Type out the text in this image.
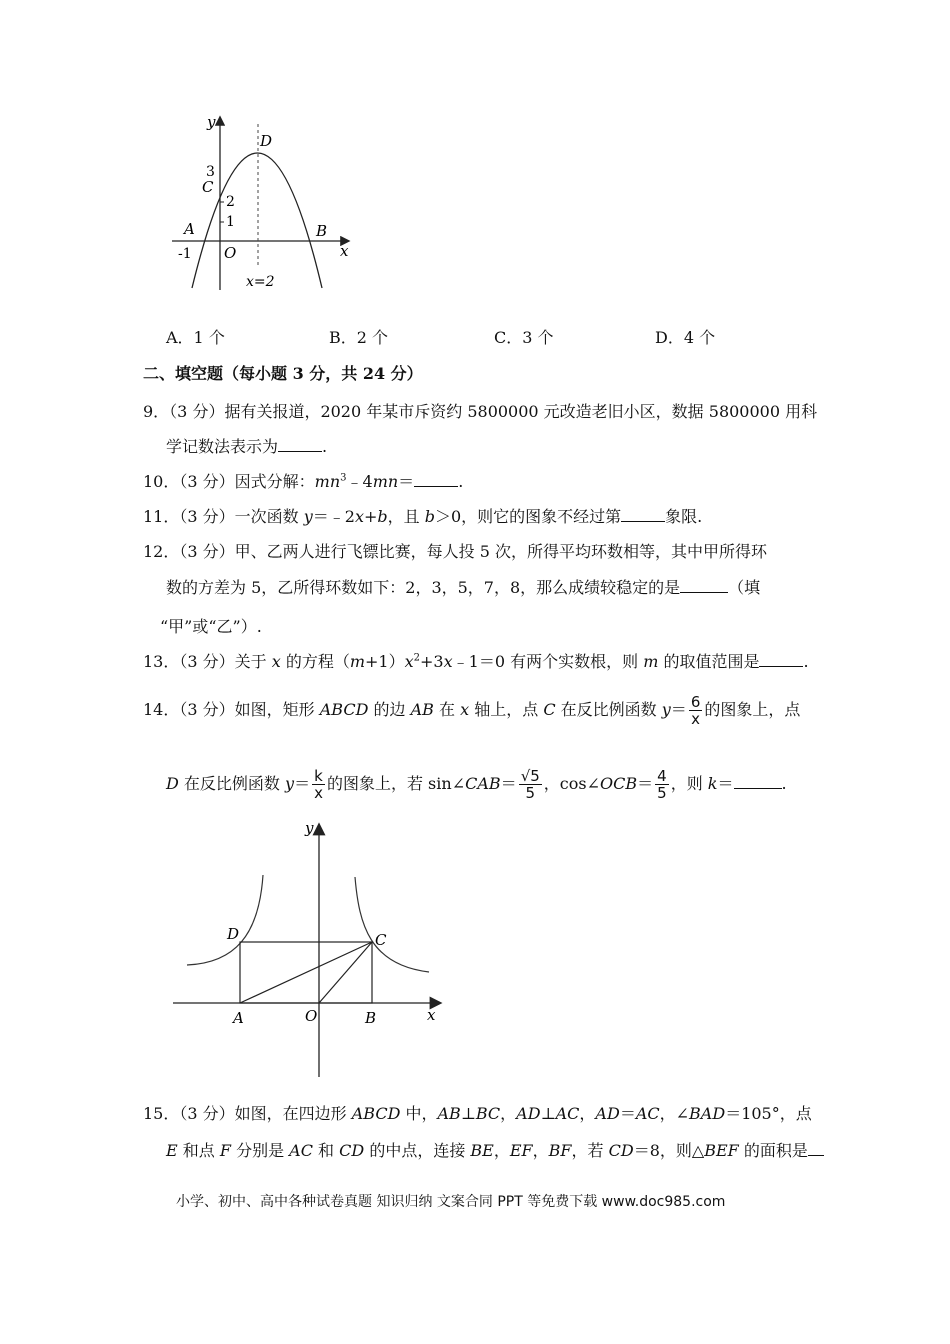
y
D
3
C
2
1
A
-1 O
B
x
x=2
A．1 个	B．2 个	C．3 个	D．4 个
二、填空题（每小题 3 分，共 24 分）
9．（3 分）据有关报道，2020 年某市斥资约 5800000 元改造老旧小区，数据 5800000 用科
学记数法表示为	.
10．（3 分）因式分解：$mn^3﹣4mn=$	.
11．（3 分）一次函数 y＝﹣2x+b，且 b＞0，则它的图象不经过第	象限.
12．（3 分）甲、乙两人进行飞镖比赛，每人投 5 次，所得平均环数相等，其中甲所得环
数的方差为 5，乙所得环数如下：2，3，5，7，8，那么成绩较稳定的是	（填
“甲”或“乙”）.
13．（3 分）关于 x 的方程$(m+1)x^2+3x﹣1=0$ 有两个实数根，则 m 的取值范围是	.
14．（3 分）如图，矩形 ABCD 的边 AB 在 x 轴上，点 C 在反比例函数 $y= \frac{6}{x}$ 的图象上，点
D 在反比例函数 $y= \frac{k}{x}$ 的图象上，若 sin∠CAB＝ $\frac{√5}{5}$ ，cos∠OCB＝ $\frac{4}{5}$ ，则 k＝	.
y
D	C
A	O	B	x
15．（3 分）如图，在四边形 ABCD 中，AB⊥BC，AD⊥AC，AD＝AC，∠BAD＝105°，点
E 和点 F 分别是 AC 和 CD 的中点，连接 BE，EF，BF，若 CD＝8，则△BEF 的面积是
小学、初中、高中各种试卷真题 知识归纳 文案合同 PPT 等免费下载 www.doc985.com
